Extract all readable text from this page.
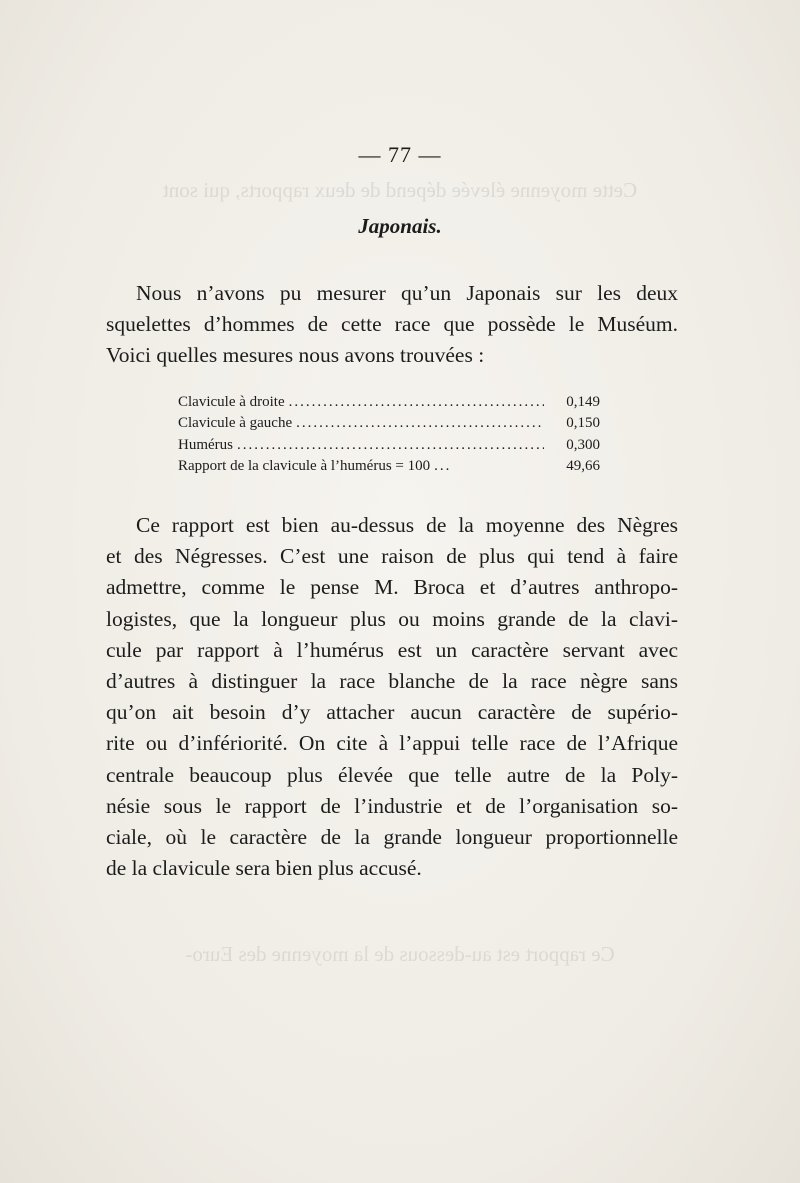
Cette moyenne élevée dépend de deux rapports, qui sont
Ce rapport est au-dessous de la moyenne des Euro-
— 77 —
Japonais.

Nous n’avons pu mesurer qu’un Japonais sur les deux
squelettes d’hommes de cette race que possède le Muséum.
Voici quelles mesures nous avons trouvées :

Clavicule à droite .....	0,149
Clavicule à gauche .....	0,150
Humérus .....	0,300
Rapport de la clavicule à l’humérus = 100 ...	49,66

Ce rapport est bien au-dessus de la moyenne des Nègres
et des Négresses. C’est une raison de plus qui tend à faire
admettre, comme le pense M. Broca et d’autres anthropo-
logistes, que la longueur plus ou moins grande de la clavi-
cule par rapport à l’humérus est un caractère servant avec
d’autres à distinguer la race blanche de la race nègre sans
qu’on ait besoin d’y attacher aucun caractère de supério-
rite ou d’infériorité. On cite à l’appui telle race de l’Afrique
centrale beaucoup plus élevée que telle autre de la Poly-
nésie sous le rapport de l’industrie et de l’organisation so-
ciale, où le caractère de la grande longueur proportionnelle
de la clavicule sera bien plus accusé.
